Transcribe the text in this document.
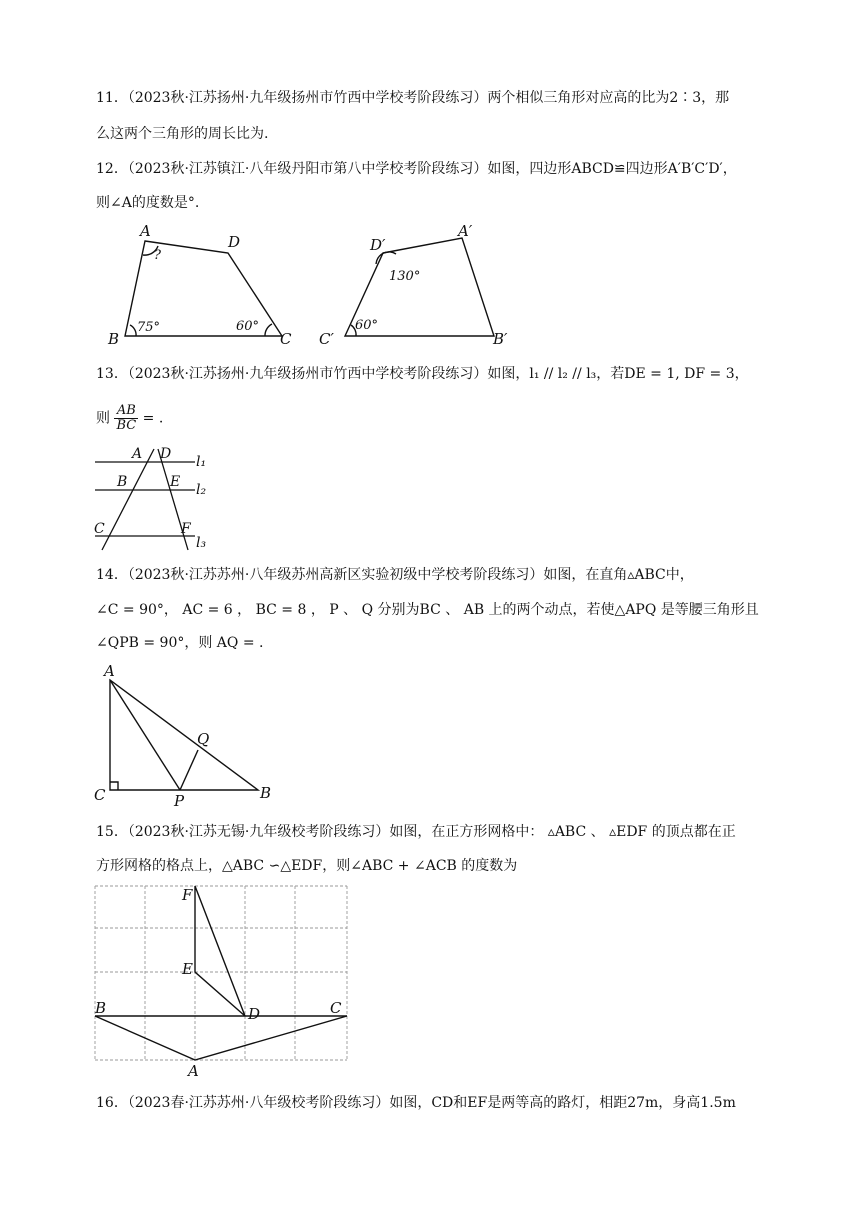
11．（2023秋·江苏扬州·九年级扬州市竹西中学校考阶段练习）两个相似三角形对应高的比为2∶3，那
么这两个三角形的周长比为.
12．（2023秋·江苏镇江·八年级丹阳市第八中学校考阶段练习）如图，四边形ABCD≌四边形A′B′C′D′，
则∠A的度数是°.
A
D
B	C
?
75°	60°
D′
A′
C′	B′
130°
60°
13．（2023秋·江苏扬州·九年级扬州市竹西中学校考阶段练习）如图，l₁ // l₂ // l₃，若DE = 1, DF = 3，
则 $\frac{AB}{BC}$ = .
A D
B	E
C	F
l₁
l₂
l₃
14．（2023秋·江苏苏州·八年级苏州高新区实验初级中学校考阶段练习）如图，在直角▵ABC中，
∠C = 90°， AC = 6 ， BC = 8 ， P 、 Q 分别为BC 、 AB 上的两个动点，若使△APQ 是等腰三角形且
∠QPB = 90°，则 AQ = .
A
C	P
Q
B
15．（2023秋·江苏无锡·九年级校考阶段练习）如图，在正方形网格中： ▵ABC 、 ▵EDF 的顶点都在正
方形网格的格点上，△ABC ∽△EDF，则∠ABC + ∠ACB 的度数为
F
E
D
B	C
A
16．（2023春·江苏苏州·八年级校考阶段练习）如图，CD和EF是两等高的路灯，相距27m，身高1.5m
